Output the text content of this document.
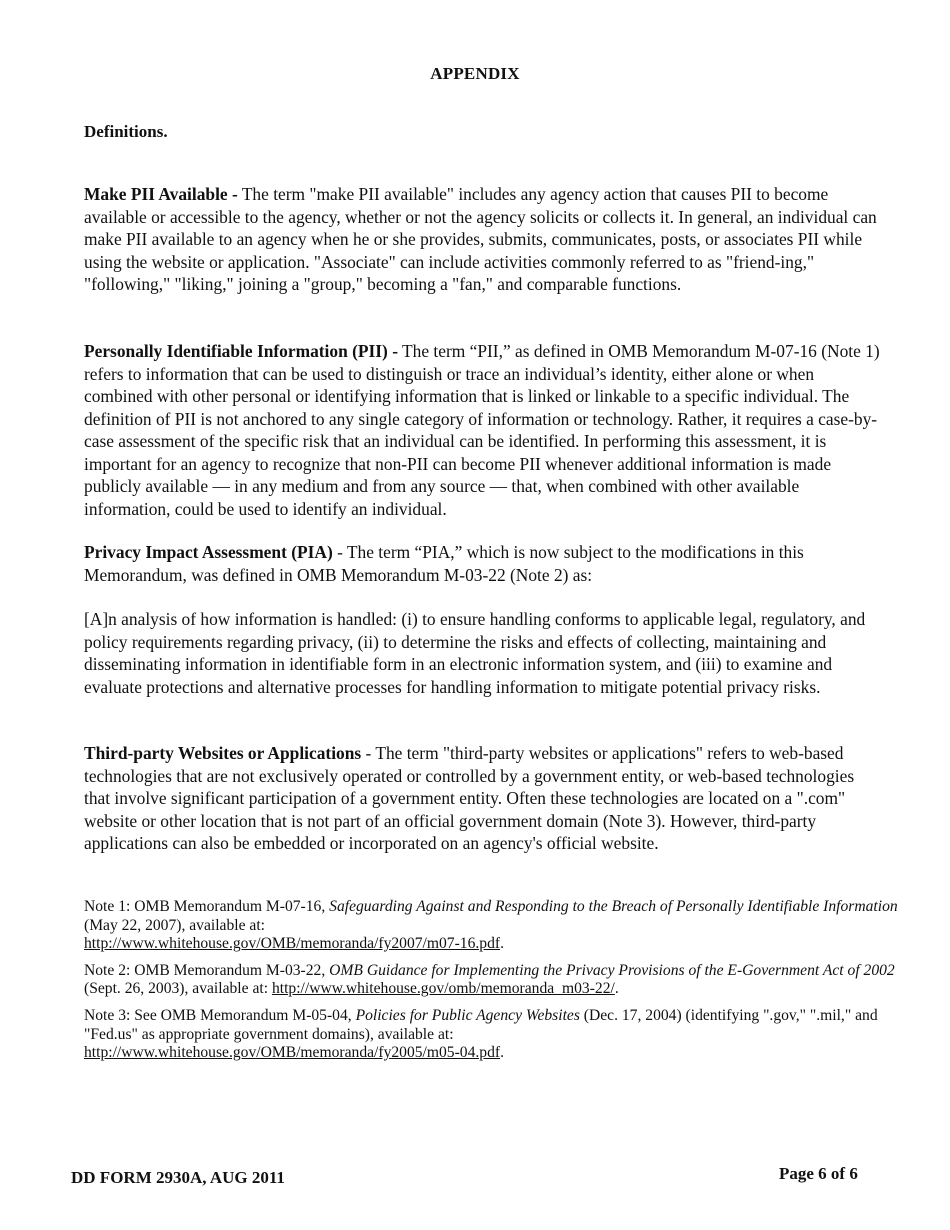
APPENDIX
Definitions.
Make PII Available - The term "make PII available" includes any agency action that causes PII to become available or accessible to the agency, whether or not the agency solicits or collects it. In general, an individual can make PII available to an agency when he or she provides, submits, communicates, posts, or associates PII while using the website or application. "Associate" can include activities commonly referred to as "friend-ing," "following," "liking," joining a "group," becoming a "fan," and comparable functions.
Personally Identifiable Information (PII) - The term “PII,” as defined in OMB Memorandum M-07-16 (Note 1) refers to information that can be used to distinguish or trace an individual’s identity, either alone or when combined with other personal or identifying information that is linked or linkable to a specific individual. The definition of PII is not anchored to any single category of information or technology. Rather, it requires a case-by-case assessment of the specific risk that an individual can be identified. In performing this assessment, it is important for an agency to recognize that non-PII can become PII whenever additional information is made publicly available — in any medium and from any source — that, when combined with other available information, could be used to identify an individual.
Privacy Impact Assessment (PIA) - The term “PIA,” which is now subject to the modifications in this Memorandum, was defined in OMB Memorandum M-03-22 (Note 2) as:
[A]n analysis of how information is handled: (i) to ensure handling conforms to applicable legal, regulatory, and policy requirements regarding privacy, (ii) to determine the risks and effects of collecting, maintaining and disseminating information in identifiable form in an electronic information system, and (iii) to examine and evaluate protections and alternative processes for handling information to mitigate potential privacy risks.
Third-party Websites or Applications - The term "third-party websites or applications" refers to web-based technologies that are not exclusively operated or controlled by a government entity, or web-based technologies that involve significant participation of a government entity. Often these technologies are located on a ".com" website or other location that is not part of an official government domain (Note 3). However, third-party applications can also be embedded or incorporated on an agency's official website.
Note 1: OMB Memorandum M-07-16, Safeguarding Against and Responding to the Breach of Personally Identifiable Information (May 22, 2007), available at:
http://www.whitehouse.gov/OMB/memoranda/fy2007/m07-16.pdf.
Note 2: OMB Memorandum M-03-22, OMB Guidance for Implementing the Privacy Provisions of the E-Government Act of 2002 (Sept. 26, 2003), available at: http://www.whitehouse.gov/omb/memoranda_m03-22/.
Note 3: See OMB Memorandum M-05-04, Policies for Public Agency Websites (Dec. 17, 2004) (identifying ".gov," ".mil," and "Fed.us" as appropriate government domains), available at:
http://www.whitehouse.gov/OMB/memoranda/fy2005/m05-04.pdf.
DD FORM 2930A, AUG 2011	Page 6 of 6
